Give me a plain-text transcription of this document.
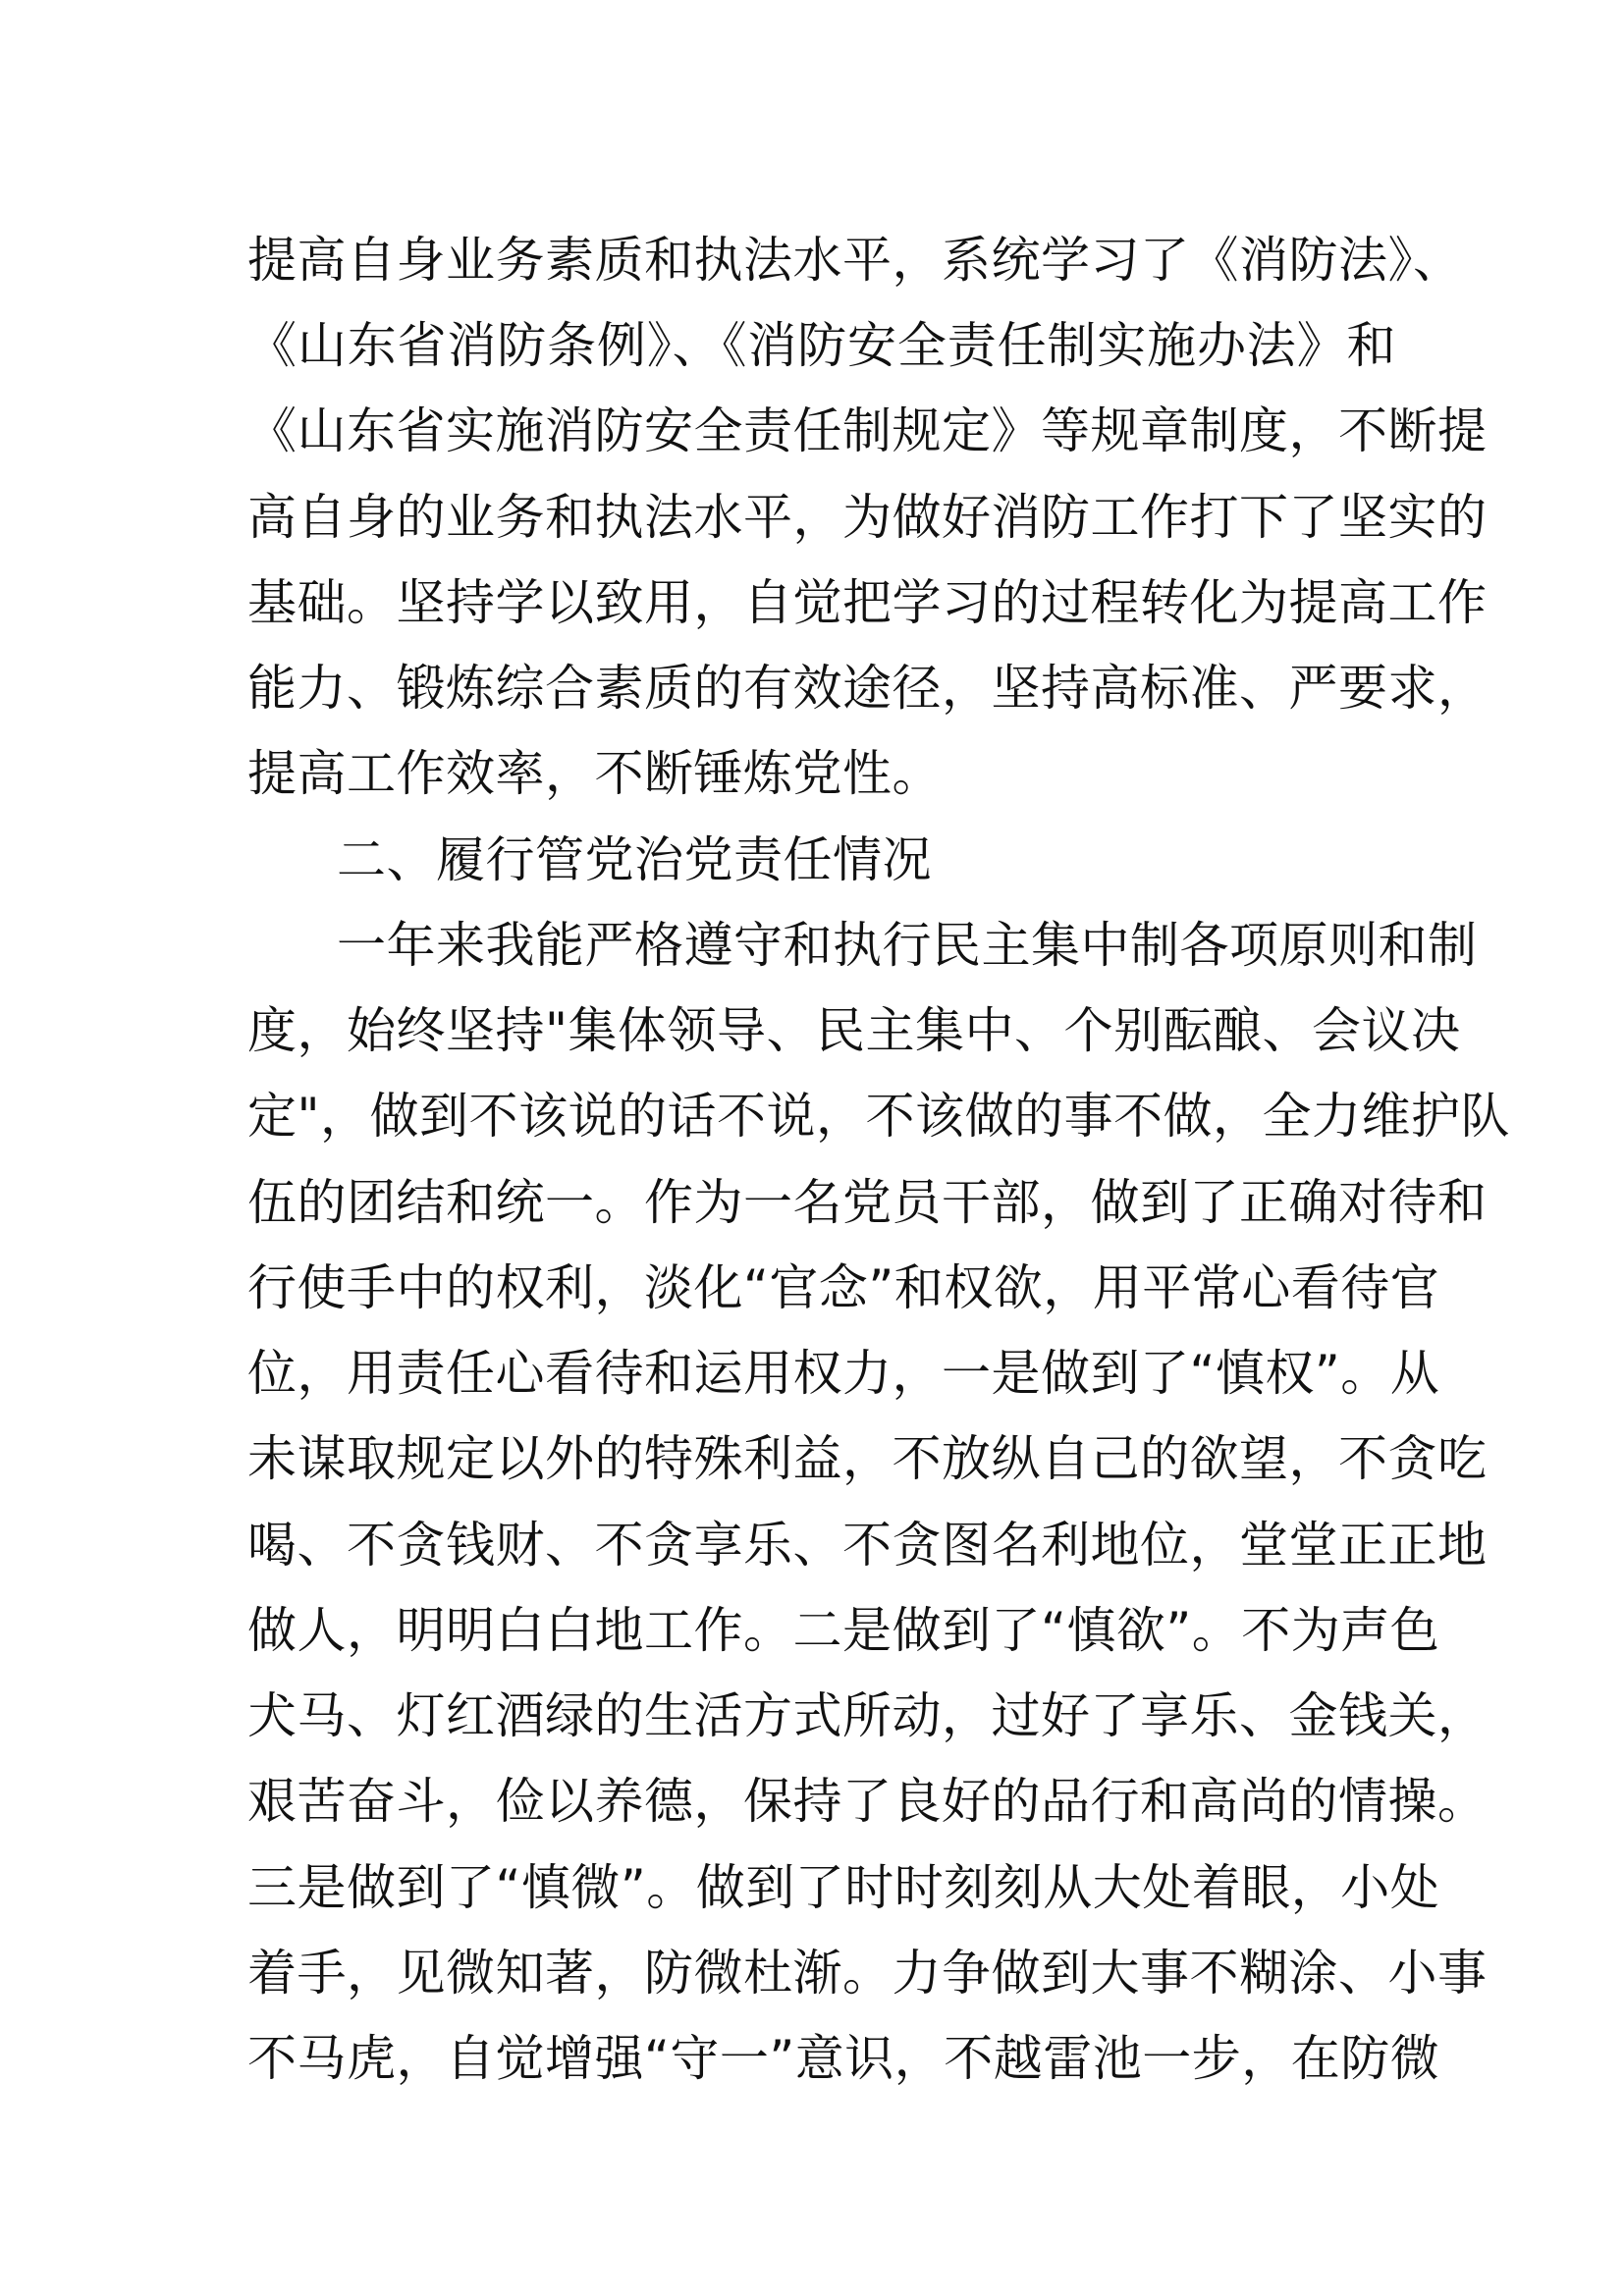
提高自身业务素质和执法水平，系统学习了《消防法》、
《山东省消防条例》、《消防安全责任制实施办法》和
《山东省实施消防安全责任制规定》等规章制度，不断提
高自身的业务和执法水平，为做好消防工作打下了坚实的
基础。坚持学以致用，自觉把学习的过程转化为提高工作
能力、锻炼综合素质的有效途径，坚持高标准、严要求，
提高工作效率，不断锤炼党性。
二、履行管党治党责任情况
一年来我能严格遵守和执行民主集中制各项原则和制
度，始终坚持"集体领导、民主集中、个别酝酿、会议决
定"，做到不该说的话不说，不该做的事不做，全力维护队
伍的团结和统一。作为一名党员干部，做到了正确对待和
行使手中的权利，淡化“官念”和权欲，用平常心看待官
位，用责任心看待和运用权力，一是做到了“慎权”。从
未谋取规定以外的特殊利益，不放纵自己的欲望，不贪吃
喝、不贪钱财、不贪享乐、不贪图名利地位，堂堂正正地
做人，明明白白地工作。二是做到了“慎欲”。不为声色
犬马、灯红酒绿的生活方式所动，过好了享乐、金钱关，
艰苦奋斗，俭以养德，保持了良好的品行和高尚的情操。
三是做到了“慎微”。做到了时时刻刻从大处着眼，小处
着手，见微知著，防微杜渐。力争做到大事不糊涂、小事
不马虎，自觉增强“守一”意识，不越雷池一步，在防微
